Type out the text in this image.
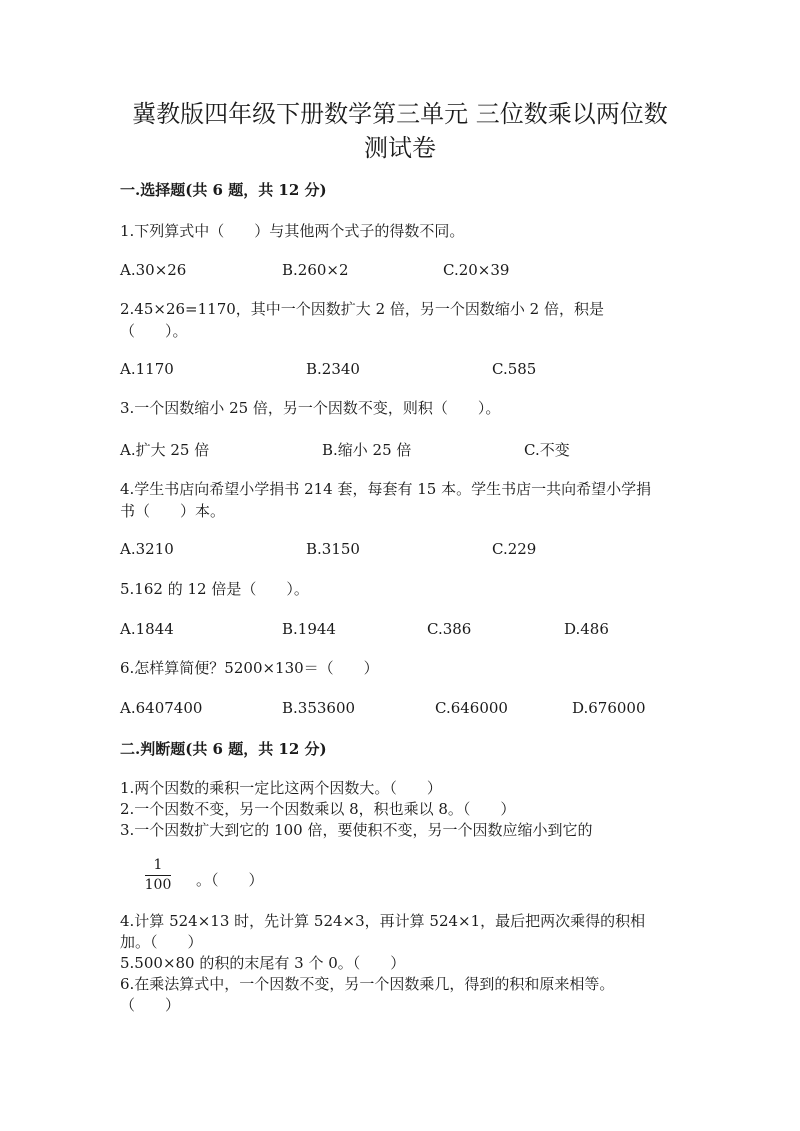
冀教版四年级下册数学第三单元 三位数乘以两位数
测试卷
一.选择题(共 6 题，共 12 分)
1.下列算式中（　　）与其他两个式子的得数不同。
A.30×26	B.260×2	C.20×39
2.45×26=1170，其中一个因数扩大 2 倍，另一个因数缩小 2 倍，积是
（　　）。
A.1170	B.2340	C.585
3.一个因数缩小 25 倍，另一个因数不变，则积（　　）。
A.扩大 25 倍	B.缩小 25 倍	C.不变
4.学生书店向希望小学捐书 214 套，每套有 15 本。学生书店一共向希望小学捐
书（　　）本。
A.3210	B.3150	C.229
5.162 的 12 倍是（　　）。
A.1844	B.1944	C.386	D.486
6.怎样算简便？5200×130＝（　　）
A.6407400	B.353600	C.646000	D.676000
二.判断题(共 6 题，共 12 分)
1.两个因数的乘积一定比这两个因数大。（　　）
2.一个因数不变，另一个因数乘以 8，积也乘以 8。（　　）
3.一个因数扩大到它的 100 倍，要使积不变，另一个因数应缩小到它的
1
100 。（　　）
4.计算 524×13 时，先计算 524×3，再计算 524×1，最后把两次乘得的积相
加。（　　）
5.500×80 的积的末尾有 3 个 0。（　　）
6.在乘法算式中，一个因数不变，另一个因数乘几，得到的积和原来相等。
（　　）
